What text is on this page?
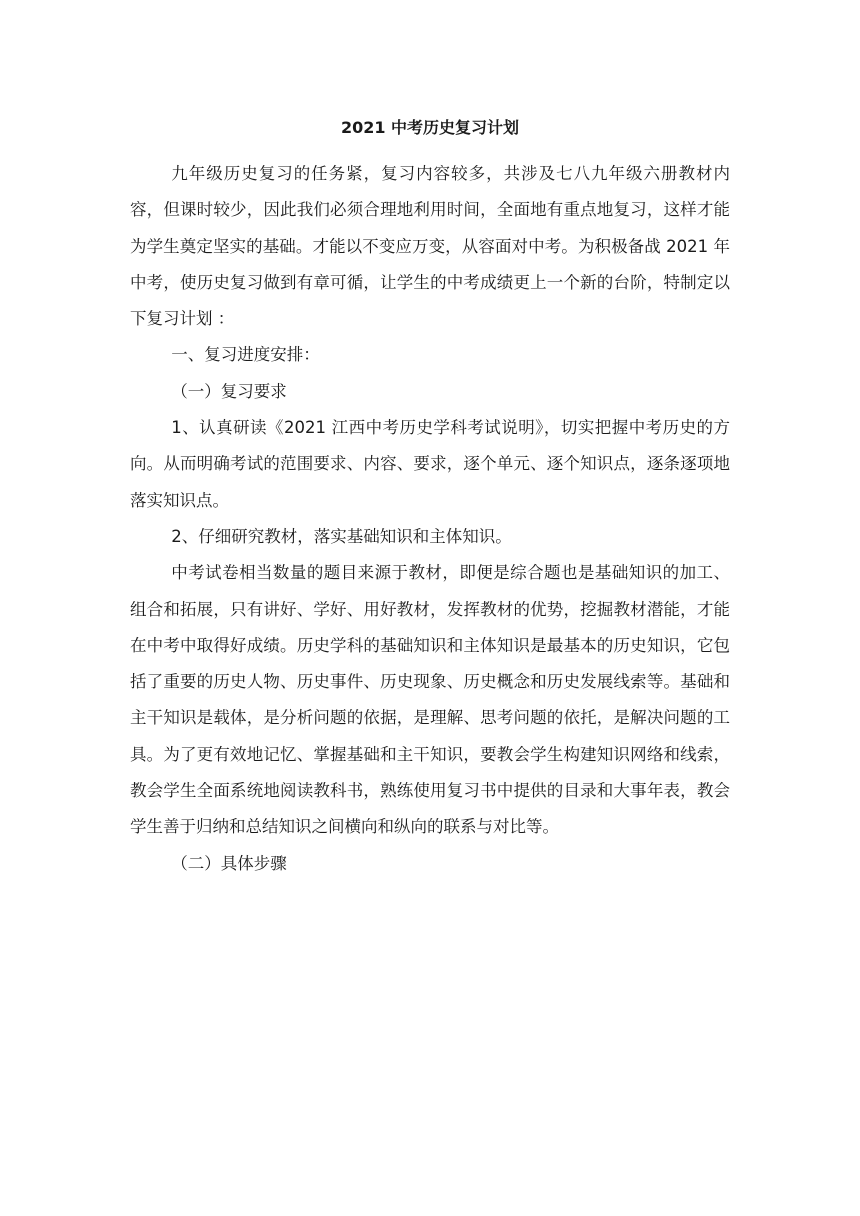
2021 中考历史复习计划

九年级历史复习的任务紧，复习内容较多，共涉及七八九年级六册教材内容，但课时较少，因此我们必须合理地利用时间，全面地有重点地复习，这样才能为学生奠定坚实的基础。才能以不变应万变，从容面对中考。为积极备战 2021 年中考，使历史复习做到有章可循，让学生的中考成绩更上一个新的台阶，特制定以下复习计划 ：

一、复习进度安排：

（一）复习要求

1、认真研读《2021 江西中考历史学科考试说明》，切实把握中考历史的方向。从而明确考试的范围要求、内容、要求，逐个单元、逐个知识点，逐条逐项地落实知识点。

2、仔细研究教材，落实基础知识和主体知识。

中考试卷相当数量的题目来源于教材，即便是综合题也是基础知识的加工、组合和拓展，只有讲好、学好、用好教材，发挥教材的优势，挖掘教材潜能，才能在中考中取得好成绩。历史学科的基础知识和主体知识是最基本的历史知识，它包括了重要的历史人物、历史事件、历史现象、历史概念和历史发展线索等。基础和主干知识是载体，是分析问题的依据，是理解、思考问题的依托，是解决问题的工具。为了更有效地记忆、掌握基础和主干知识，要教会学生构建知识网络和线索，教会学生全面系统地阅读教科书，熟练使用复习书中提供的目录和大事年表，教会学生善于归纳和总结知识之间横向和纵向的联系与对比等。

（二）具体步骤
